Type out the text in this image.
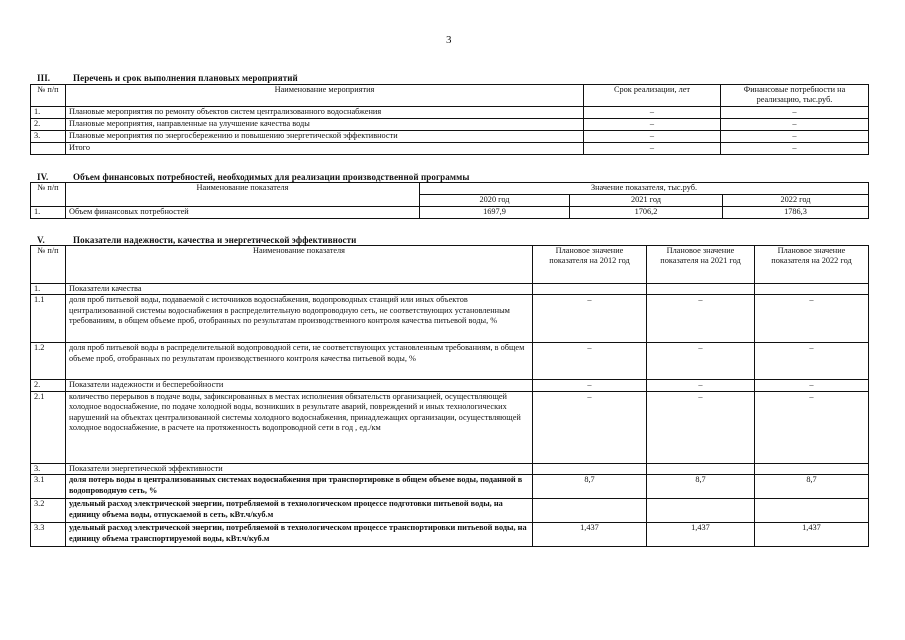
3
III.	Перечень и срок выполнения плановых мероприятий
№ п/п	Наименование мероприятия	Срок реализации, лет	Финансовые потребности на реализацию, тыс.руб.
1.	Плановые мероприятия по ремонту объектов систем централизованного водоснабжения	–	–
2.	Плановые мероприятия, направленные на улучшение качества воды	–	–
3.	Плановые мероприятия по энергосбережению и повышению энергетической эффективности	–	–
	Итого	–	–
IV.	Объем финансовых потребностей, необходимых для реализации производственной программы
№ п/п	Наименование показателя	Значение показателя, тыс.руб.		
		2020 год	2021 год	2022 год
1.	Объем финансовых потребностей	1697,9	1706,2	1786,3
V.	Показатели надежности, качества и энергетической эффективности
№ п/п	Наименование показателя	Плановое значение показателя на 2012 год	Плановое значение показателя на 2021 год	Плановое значение показателя на 2022 год
1.	Показатели качества			
1.1	доля проб питьевой воды, подаваемой с источников водоснабжения, водопроводных станций или иных объектов централизованной системы водоснабжения в распределительную водопроводную сеть, не соответствующих установленным требованиям, в общем объеме проб, отобранных по результатам производственного контроля качества питьевой воды, %	–	–	–
1.2	доля проб питьевой воды в распределительной водопроводной сети, не соответствующих установленным требованиям, в общем объеме проб, отобранных по результатам производственного контроля качества питьевой воды, %	–	–	–
2.	Показатели надежности и бесперебойности	–	–	–
2.1	количество перерывов в подаче воды, зафиксированных в местах исполнения обязательств организацией, осуществляющей холодное водоснабжение, по подаче холодной воды, возникших в результате аварий, повреждений и иных технологических нарушений на объектах централизованной системы холодного водоснабжения, принадлежащих организации, осуществляющей холодное водоснабжение, в расчете на протяженность водопроводной сети в год , ед./км	–	–	–
3.	Показатели энергетической эффективности			
3.1	доля потерь воды в централизованных системах водоснабжения при транспортировке в общем объеме воды, поданной в водопроводную сеть, %	8,7	8,7	8,7
3.2	удельный расход электрической энергии, потребляемой в технологическом процессе подготовки питьевой воды, на единицу объема воды, отпускаемой в сеть, кВт.ч/куб.м			
3.3	удельный расход электрической энергии, потребляемой в технологическом процессе транспортировки питьевой воды, на единицу объема транспортируемой воды, кВт.ч/куб.м	1,437	1,437	1,437
